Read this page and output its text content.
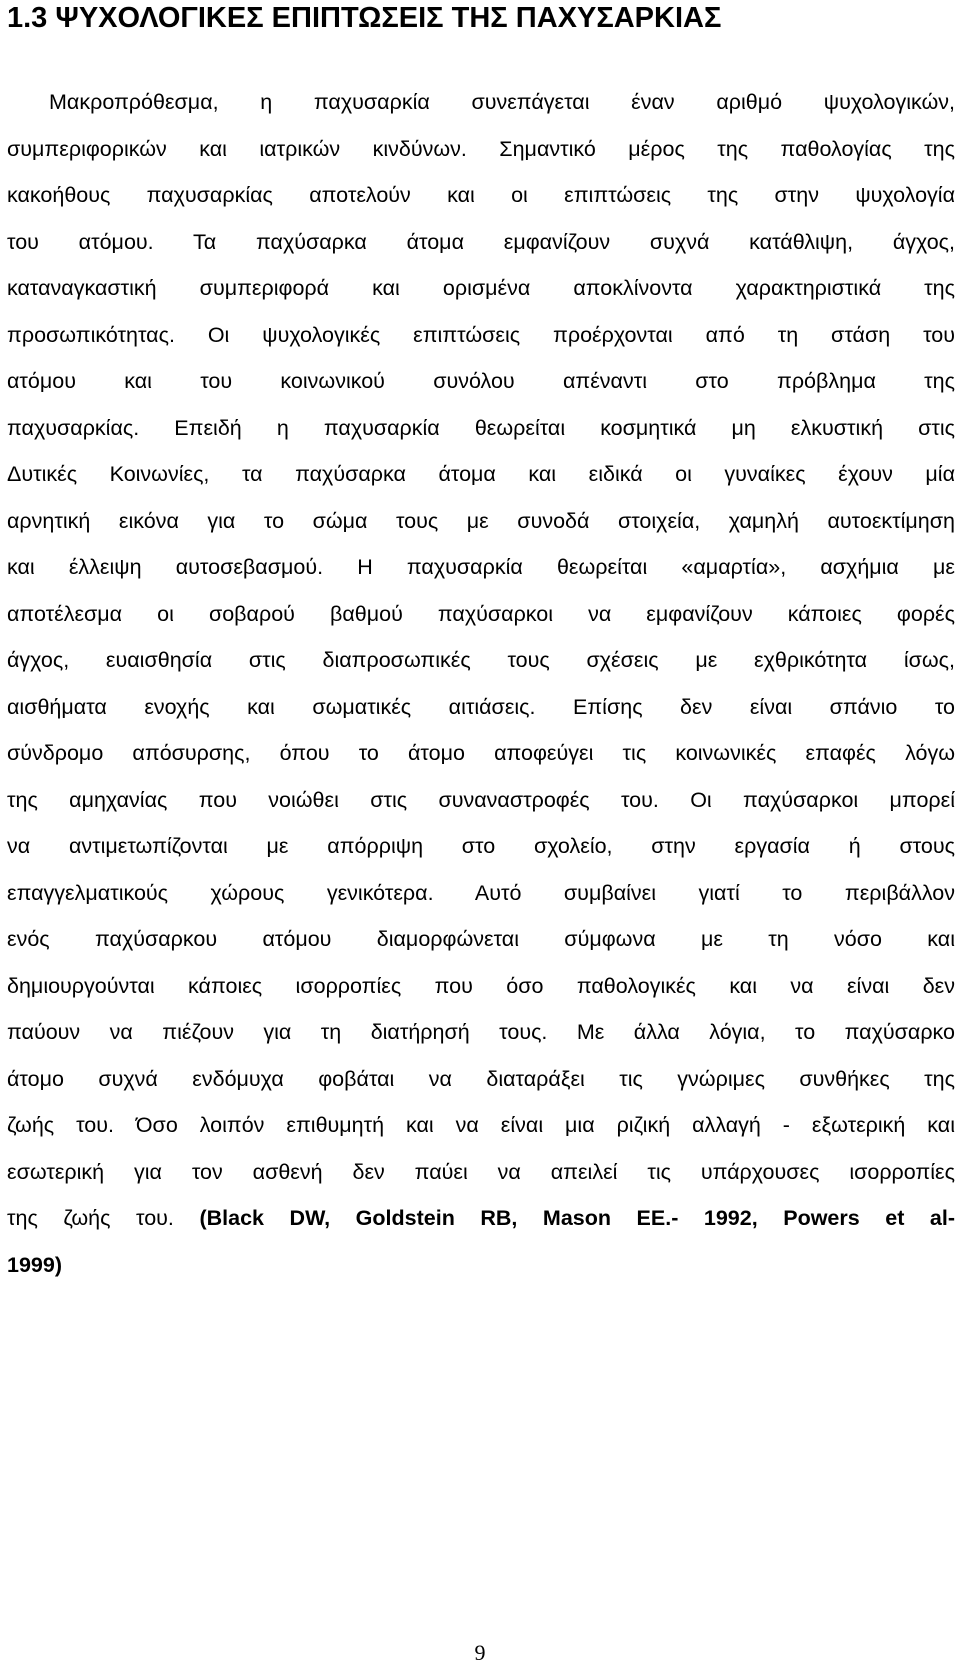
1.3 ΨΥΧΟΛΟΓΙΚΕΣ ΕΠΙΠΤΩΣΕΙΣ ΤΗΣ ΠΑΧΥΣΑΡΚΙΑΣ
Μακροπρόθεσμα, η παχυσαρκία συνεπάγεται έναν αριθμό ψυχολογικών,
συμπεριφορικών και ιατρικών κινδύνων. Σημαντικό μέρος της παθολογίας της
κακοήθους παχυσαρκίας αποτελούν και οι επιπτώσεις της στην ψυχολογία
του ατόμου. Τα παχύσαρκα άτομα εμφανίζουν συχνά κατάθλιψη, άγχος,
καταναγκαστική συμπεριφορά και ορισμένα αποκλίνοντα χαρακτηριστικά της
προσωπικότητας. Οι ψυχολογικές επιπτώσεις προέρχονται από τη στάση του
ατόμου και του κοινωνικού συνόλου απέναντι στο πρόβλημα της
παχυσαρκίας. Επειδή η παχυσαρκία θεωρείται κοσμητικά μη ελκυστική στις
Δυτικές Κοινωνίες, τα παχύσαρκα άτομα και ειδικά οι γυναίκες έχουν μία
αρνητική εικόνα για το σώμα τους με συνοδά στοιχεία, χαμηλή αυτοεκτίμηση
και έλλειψη αυτοσεβασμού. Η παχυσαρκία θεωρείται «αμαρτία», ασχήμια με
αποτέλεσμα οι σοβαρού βαθμού παχύσαρκοι να εμφανίζουν κάποιες φορές
άγχος, ευαισθησία στις διαπροσωπικές τους σχέσεις με εχθρικότητα ίσως,
αισθήματα ενοχής και σωματικές αιτιάσεις. Επίσης δεν είναι σπάνιο το
σύνδρομο απόσυρσης, όπου το άτομο αποφεύγει τις κοινωνικές επαφές λόγω
της αμηχανίας που νοιώθει στις συναναστροφές του. Οι παχύσαρκοι μπορεί
να αντιμετωπίζονται με απόρριψη στο σχολείο, στην εργασία ή στους
επαγγελματικούς χώρους γενικότερα. Αυτό συμβαίνει γιατί το περιβάλλον
ενός παχύσαρκου ατόμου διαμορφώνεται σύμφωνα με τη νόσο και
δημιουργούνται κάποιες ισορροπίες που όσο παθολογικές και να είναι δεν
παύουν να πιέζουν για τη διατήρησή τους. Με άλλα λόγια, το παχύσαρκο
άτομο συχνά ενδόμυχα φοβάται να διαταράξει τις γνώριμες συνθήκες της
ζωής του. Όσο λοιπόν επιθυμητή και να είναι μια ριζική αλλαγή - εξωτερική και
εσωτερική για τον ασθενή δεν παύει να απειλεί τις υπάρχουσες ισορροπίες
της ζωής του. (Black DW, Goldstein RB, Mason EE.- 1992, Powers et al-
1999)
9
